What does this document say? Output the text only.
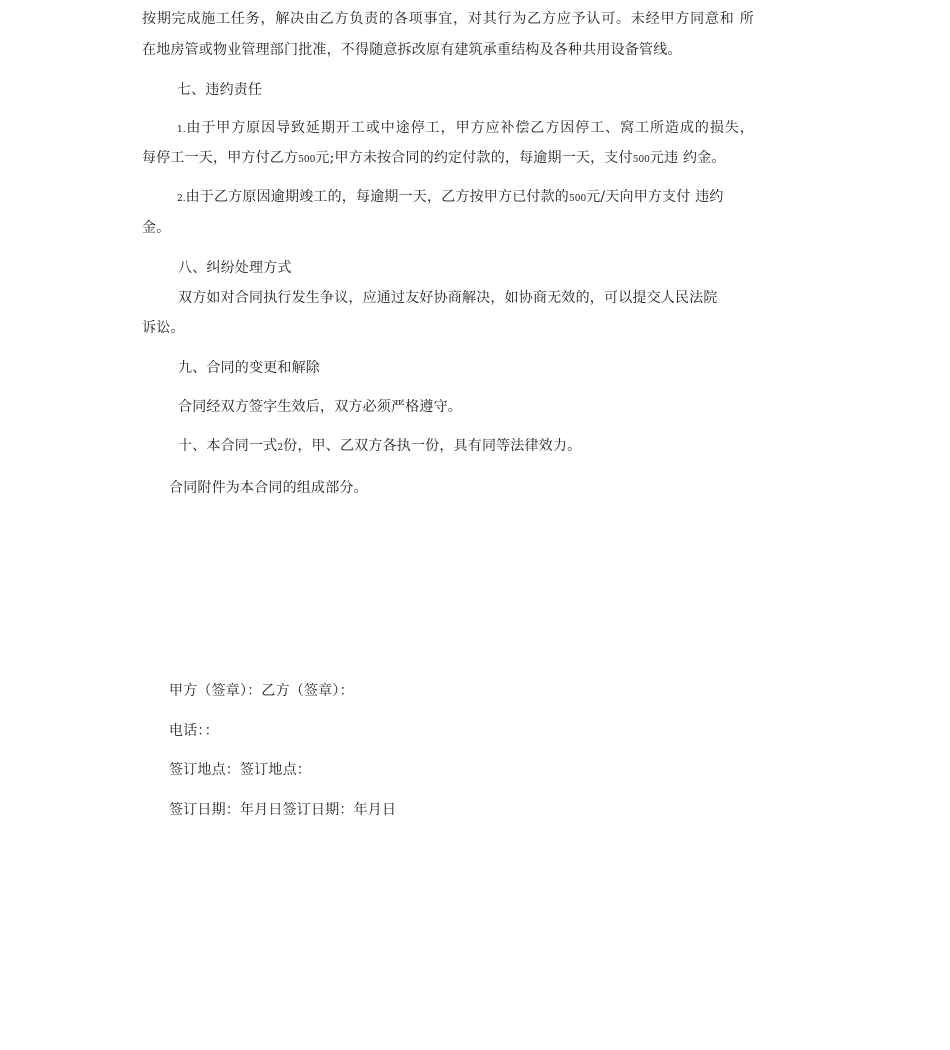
按期完成施工任务，解决由乙方负责的各项事宜，对其行为乙方应予认可。未经甲方同意和 所
在地房管或物业管理部门批准，不得随意拆改原有建筑承重结构及各种共用设备管线。
七、违约责任
1.由于甲方原因导致延期开工或中途停工，甲方应补偿乙方因停工、窝工所造成的损失，
每停工一天，甲方付乙方500元;甲方未按合同的约定付款的，每逾期一天，支付500元违 约金。
2.由于乙方原因逾期竣工的，每逾期一天，乙方按甲方已付款的500元/天向甲方支付 违约
金。
八、纠纷处理方式
双方如对合同执行发生争议，应通过友好协商解决，如协商无效的，可以提交人民法院
诉讼。
九、合同的变更和解除
合同经双方签字生效后，双方必须严格遵守。
十、本合同一式2份，甲、乙双方各执一份，具有同等法律效力。
合同附件为本合同的组成部分。
甲方（签章）：乙方（签章）：
电话：：
签订地点：签订地点：
签订日期：年月日签订日期：年月日
